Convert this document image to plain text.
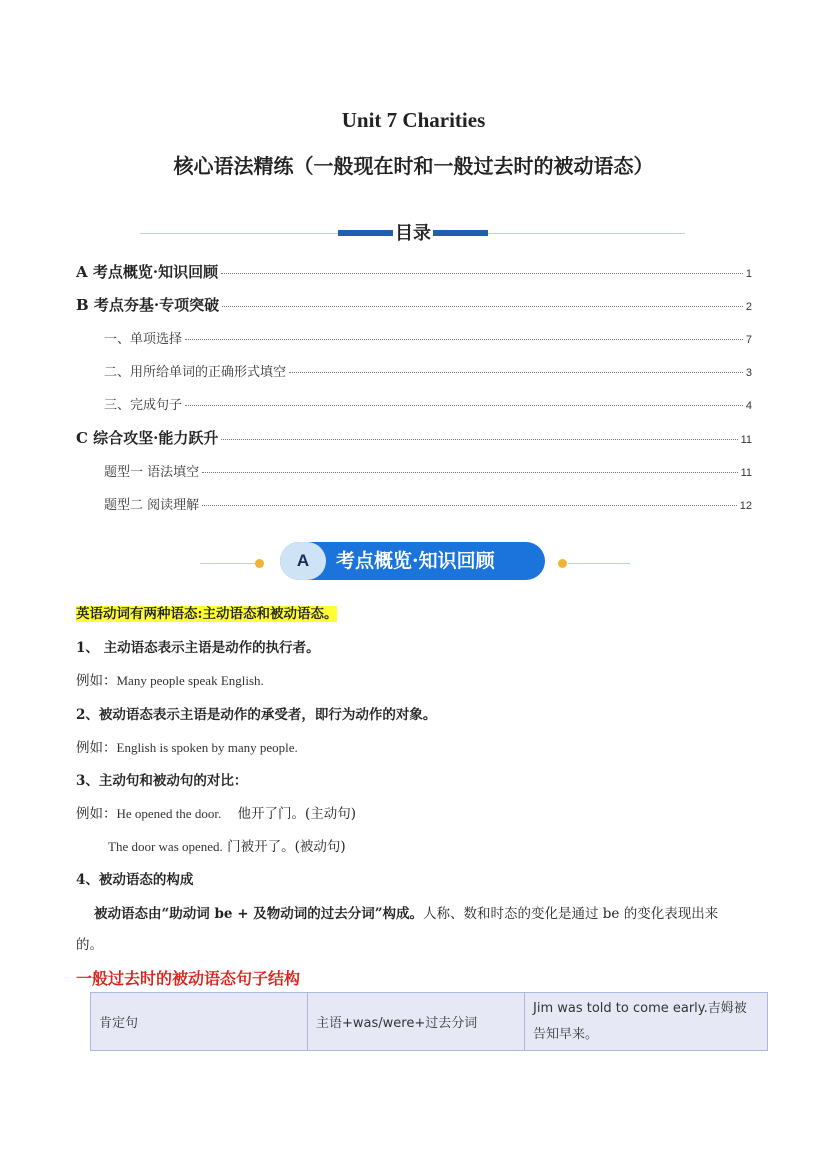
Unit 7 Charities
核心语法精练（一般现在时和一般过去时的被动语态）
目录
A 考点概览·知识回顾	1
B 考点夯基·专项突破	2
一、单项选择	7
二、用所给单词的正确形式填空	3
三、完成句子	4
C 综合攻坚·能力跃升	11
题型一 语法填空	11
题型二 阅读理解	12
A	考点概览·知识回顾
英语动词有两种语态:主动语态和被动语态。
1、 主动语态表示主语是动作的执行者。
例如：Many people speak English.
2、被动语态表示主语是动作的承受者，即行为动作的对象。
例如：English is spoken by many people.
3、主动句和被动句的对比：
例如：He opened the door. 他开了门。(主动句)
The door was opened. 门被开了。(被动句)
4、被动语态的构成
被动语态由“助动词 be + 及物动词的过去分词”构成。人称、数和时态的变化是通过 be 的变化表现出来
的。
一般过去时的被动语态句子结构
肯定句	主语+was/were+过去分词	Jim was told to come early.吉姆被告知早来。
